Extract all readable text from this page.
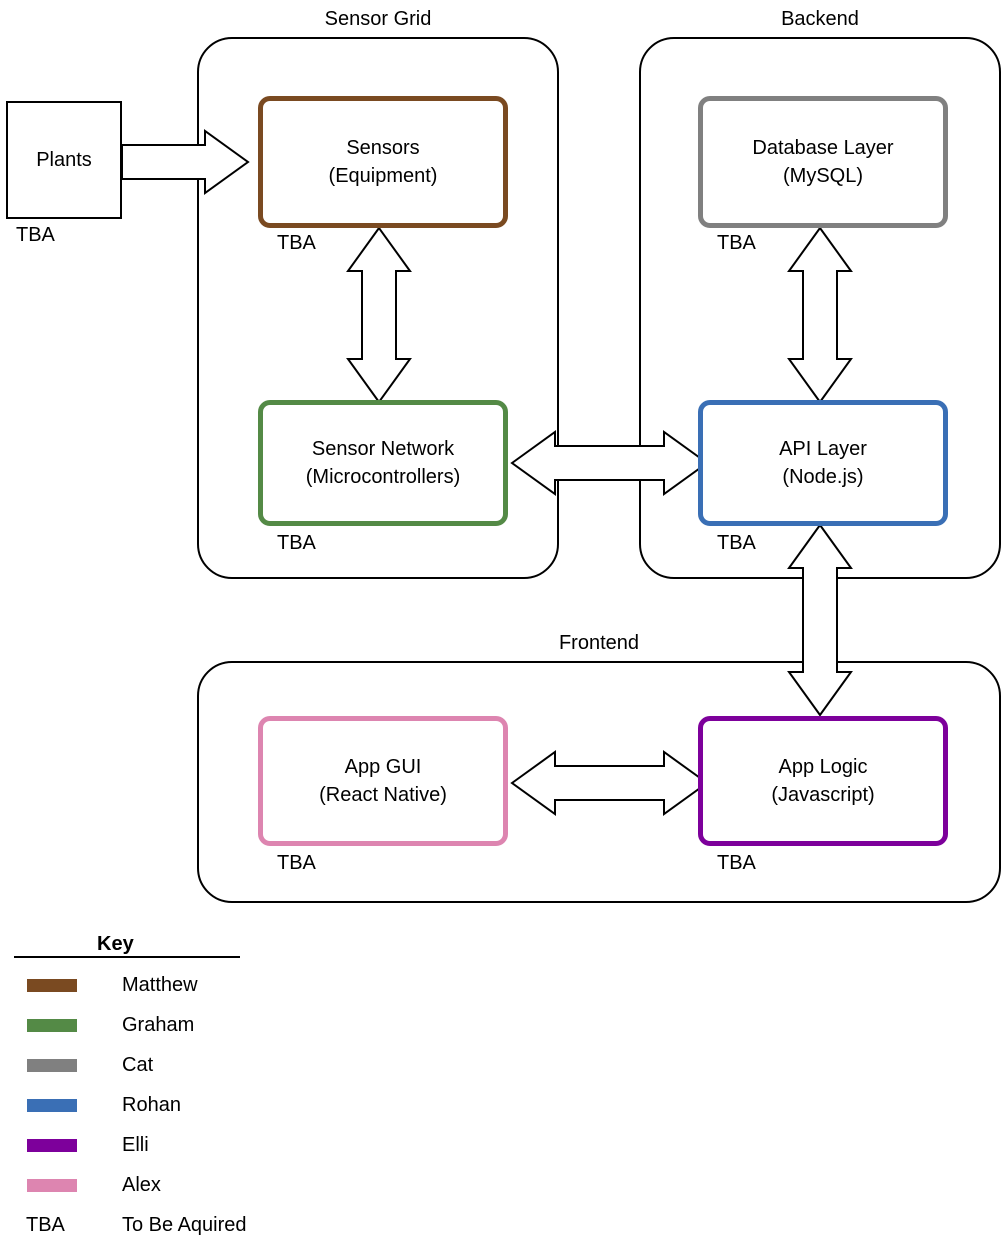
Sensor Grid	Backend
Frontend
Plants
TBA
Sensors
(Equipment)
TBA
Sensor Network
(Microcontrollers)
TBA
Database Layer
(MySQL)
TBA
API Layer
(Node.js)
TBA
App GUI
(React Native)
TBA
App Logic
(Javascript)
TBA
Key
Matthew
Graham
Cat
Rohan
Elli
Alex
TBA	To Be Aquired
